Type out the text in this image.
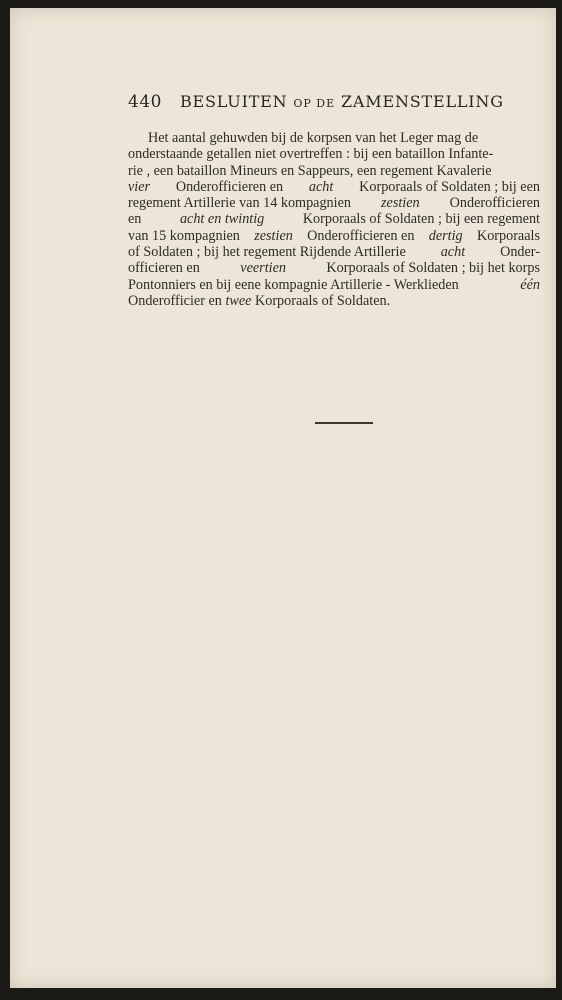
440 BESLUITEN OP DE ZAMENSTELLING
Het aantal gehuwden bij de korpsen van het Leger mag de
onderstaande getallen niet overtreffen : bij een bataillon Infante-
rie , een bataillon Mineurs en Sappeurs, een regement Kavalerie
vier Onderofficieren en acht Korporaals of Soldaten ; bij een
regement Artillerie van 14 kompagnien zestien Onderofficieren
en	acht en twintig	Korporaals of Soldaten ; bij een regement
van 15 kompagnien zestien Onderofficieren en dertig Korporaals
of Soldaten ; bij het regement Rijdende Artillerie acht Onder-
officieren en	veertien	Korporaals of Soldaten ; bij het korps
Pontonniers en bij eene kompagnie Artillerie - Werklieden	één
Onderofficier en
twee
Korporaals of Soldaten.
